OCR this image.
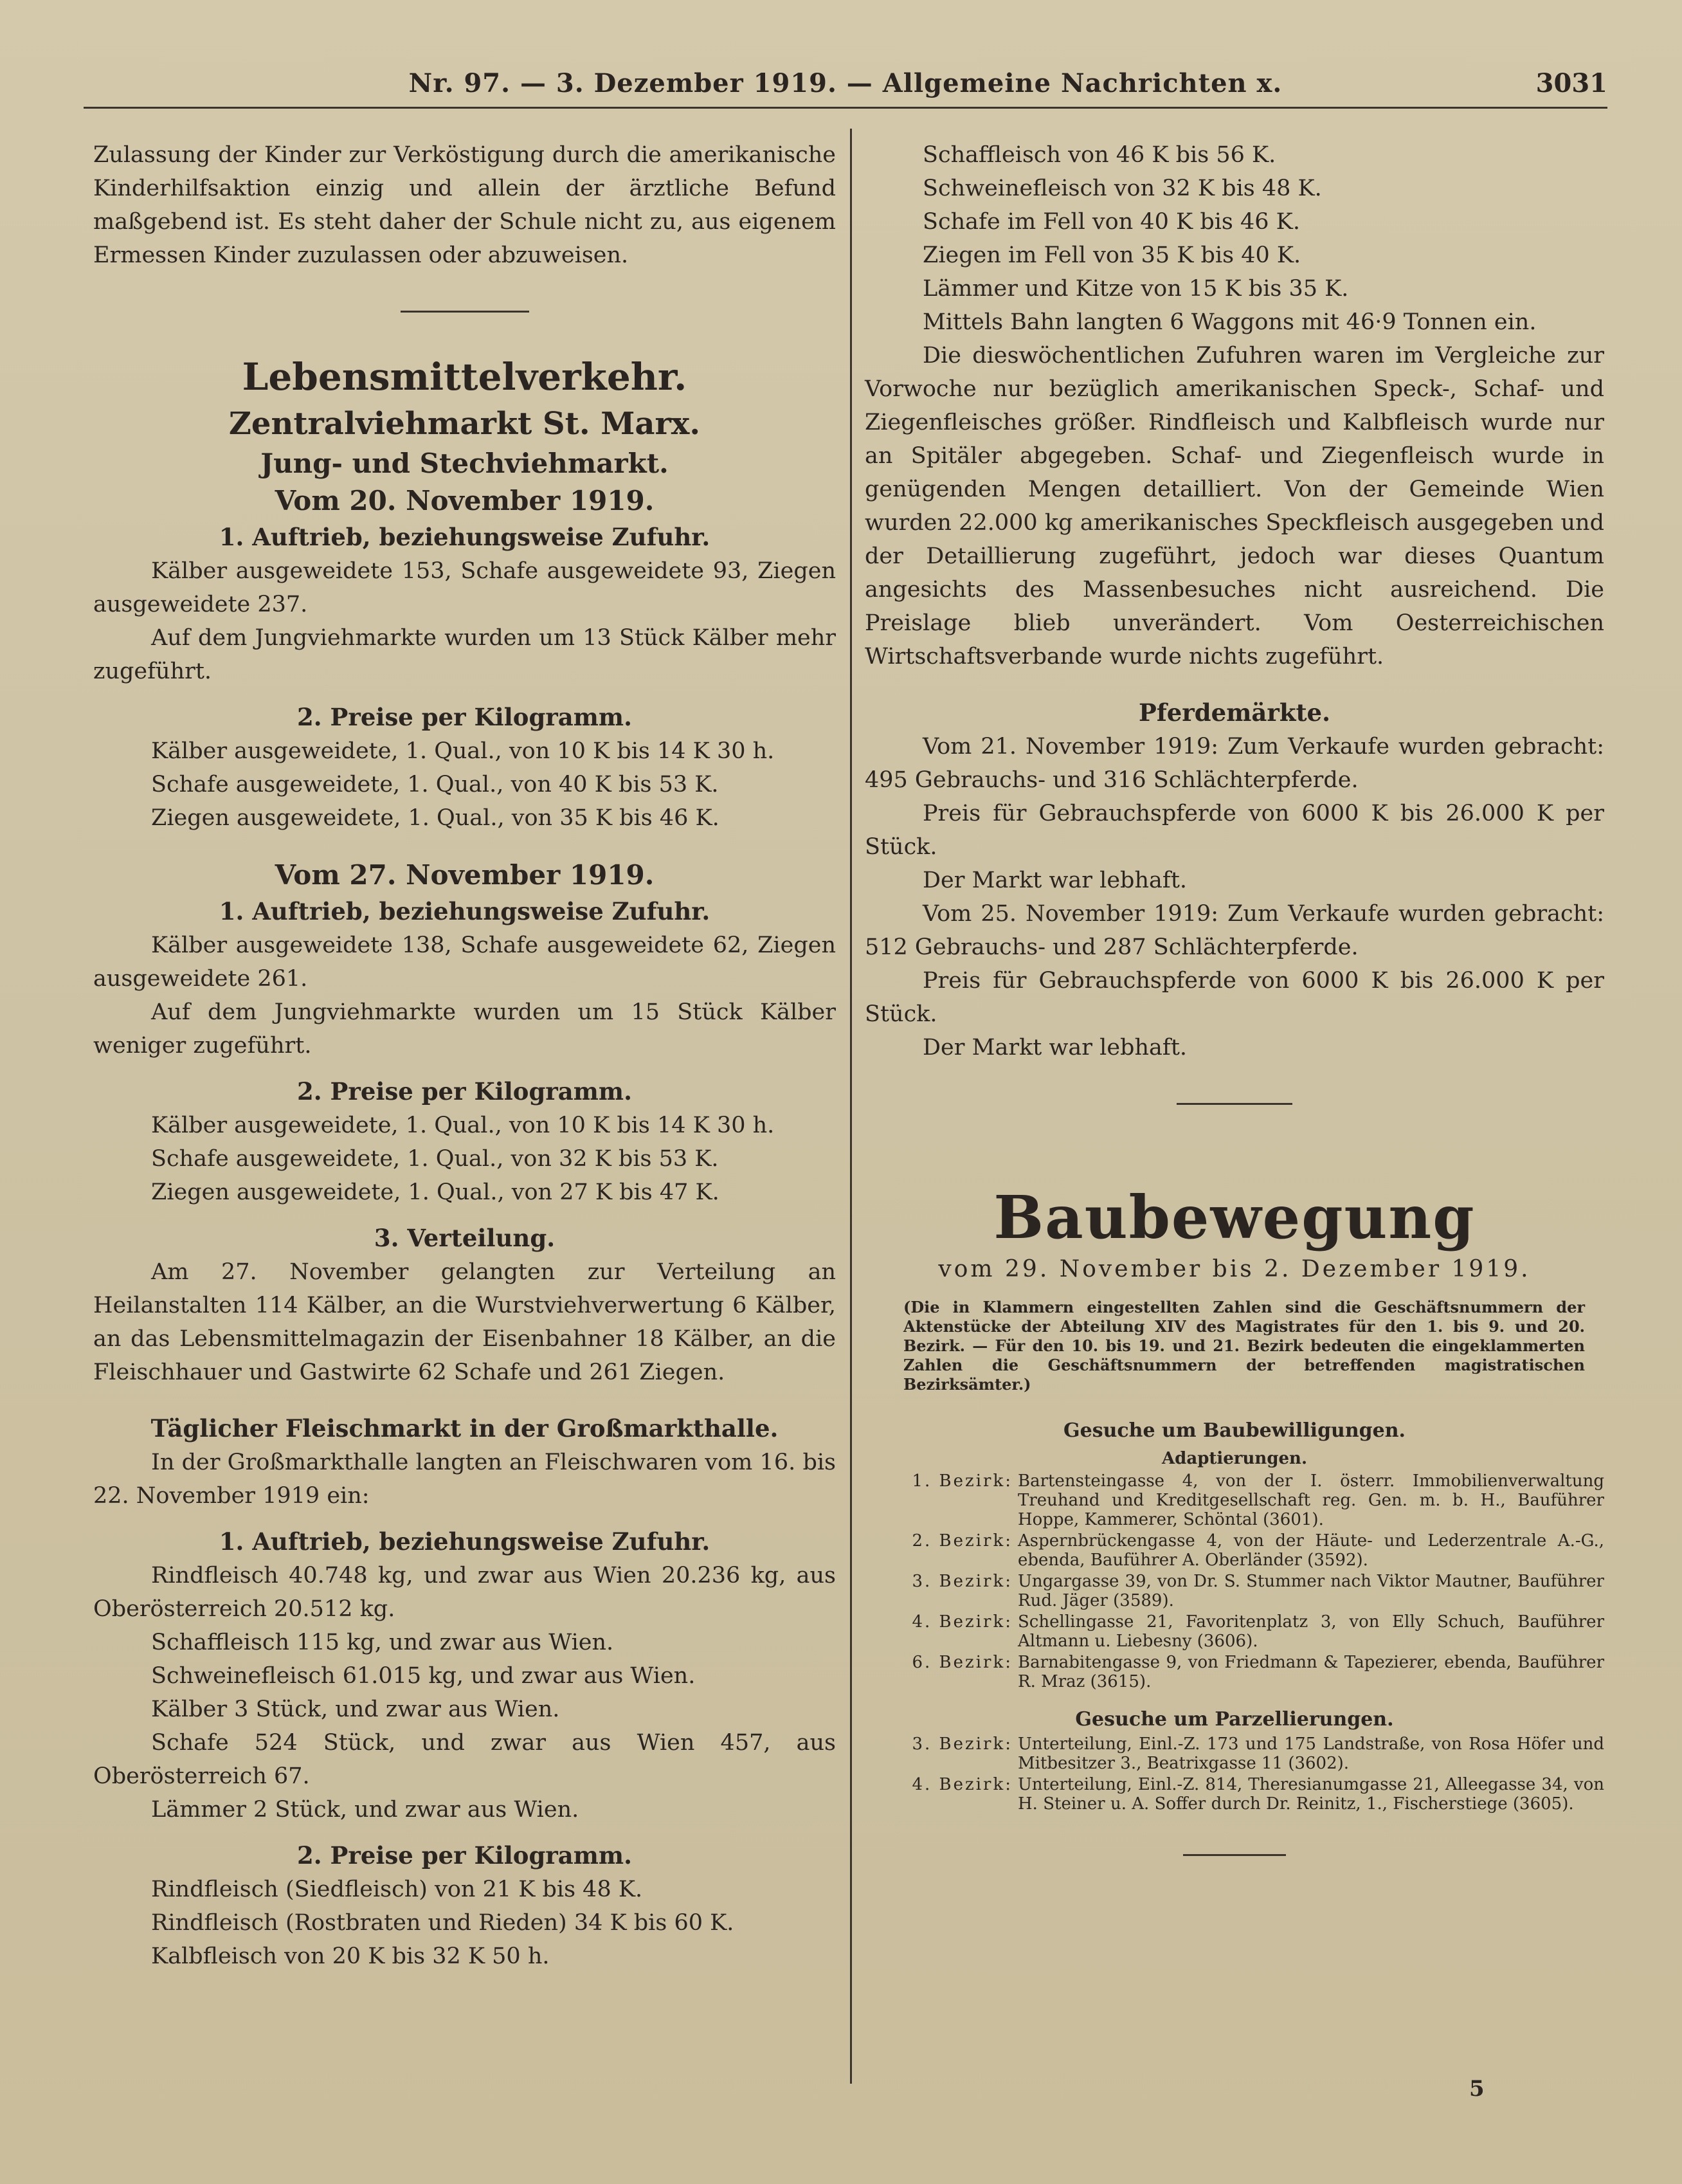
Nr. 97. — 3. Dezember 1919. — Allgemeine Nachrichten x.	3031

Zulassung der Kinder zur Verköstigung durch die amerikanische Kinderhilfsaktion einzig und allein der ärztliche Befund maßgebend ist. Es steht daher der Schule nicht zu, aus eigenem Ermessen Kinder zuzulassen oder abzuweisen.

Lebensmittelverkehr.
Zentralviehmarkt St. Marx.
Jung- und Stechviehmarkt.
Vom 20. November 1919.
1. Auftrieb, beziehungsweise Zufuhr.

Kälber ausgeweidete 153, Schafe ausgeweidete 93, Ziegen ausgeweidete 237.

Auf dem Jungviehmarkte wurden um 13 Stück Kälber mehr zugeführt.

2. Preise per Kilogramm.

Kälber ausgeweidete, 1. Qual., von 10 K bis 14 K 30 h.

Schafe ausgeweidete, 1. Qual., von 40 K bis 53 K.

Ziegen ausgeweidete, 1. Qual., von 35 K bis 46 K.

Vom 27. November 1919.
1. Auftrieb, beziehungsweise Zufuhr.

Kälber ausgeweidete 138, Schafe ausgeweidete 62, Ziegen ausgeweidete 261.

Auf dem Jungviehmarkte wurden um 15 Stück Kälber weniger zugeführt.

2. Preise per Kilogramm.

Kälber ausgeweidete, 1. Qual., von 10 K bis 14 K 30 h.

Schafe ausgeweidete, 1. Qual., von 32 K bis 53 K.

Ziegen ausgeweidete, 1. Qual., von 27 K bis 47 K.

3. Verteilung.

Am 27. November gelangten zur Verteilung an Heilanstalten 114 Kälber, an die Wurstviehverwertung 6 Kälber, an das Lebensmittelmagazin der Eisenbahner 18 Kälber, an die Fleischhauer und Gastwirte 62 Schafe und 261 Ziegen.

Täglicher Fleischmarkt in der Großmarkthalle.

In der Großmarkthalle langten an Fleischwaren vom 16. bis 22. November 1919 ein:

1. Auftrieb, beziehungsweise Zufuhr.

Rindfleisch 40.748 kg, und zwar aus Wien 20.236 kg, aus Oberösterreich 20.512 kg.

Schaffleisch 115 kg, und zwar aus Wien.

Schweinefleisch 61.015 kg, und zwar aus Wien.

Kälber 3 Stück, und zwar aus Wien.

Schafe 524 Stück, und zwar aus Wien 457, aus Oberösterreich 67.

Lämmer 2 Stück, und zwar aus Wien.

2. Preise per Kilogramm.

Rindfleisch (Siedfleisch) von 21 K bis 48 K.

Rindfleisch (Rostbraten und Rieden) 34 K bis 60 K.

Kalbfleisch von 20 K bis 32 K 50 h.

Schaffleisch von 46 K bis 56 K.

Schweinefleisch von 32 K bis 48 K.

Schafe im Fell von 40 K bis 46 K.

Ziegen im Fell von 35 K bis 40 K.

Lämmer und Kitze von 15 K bis 35 K.

Mittels Bahn langten 6 Waggons mit 46·9 Tonnen ein.

Die dieswöchentlichen Zufuhren waren im Vergleiche zur Vorwoche nur bezüglich amerikanischen Speck-, Schaf- und Ziegenfleisches größer. Rindfleisch und Kalbfleisch wurde nur an Spitäler abgegeben. Schaf- und Ziegenfleisch wurde in genügenden Mengen detailliert. Von der Gemeinde Wien wurden 22.000 kg amerikanisches Speckfleisch ausgegeben und der Detaillierung zugeführt, jedoch war dieses Quantum angesichts des Massenbesuches nicht ausreichend. Die Preislage blieb unverändert. Vom Oesterreichischen Wirtschaftsverbande wurde nichts zugeführt.

Pferdemärkte.

Vom 21. November 1919: Zum Verkaufe wurden gebracht: 495 Gebrauchs- und 316 Schlächterpferde.

Preis für Gebrauchspferde von 6000 K bis 26.000 K per Stück.

Der Markt war lebhaft.

Vom 25. November 1919: Zum Verkaufe wurden gebracht: 512 Gebrauchs- und 287 Schlächterpferde.

Preis für Gebrauchspferde von 6000 K bis 26.000 K per Stück.

Der Markt war lebhaft.

Baubewegung
vom 29. November bis 2. Dezember 1919.
(Die in Klammern eingestellten Zahlen sind die Geschäftsnummern der Aktenstücke der Abteilung XIV des Magistrates für den 1. bis 9. und 20. Bezirk. — Für den 10. bis 19. und 21. Bezirk bedeuten die eingeklammerten Zahlen die Geschäftsnummern der betreffenden magistratischen Bezirksämter.)
Gesuche um Baubewilligungen.
Adaptierungen.
1. Bezirk: Bartensteingasse 4, von der I. österr. Immobilienverwaltung Treuhand und Kreditgesellschaft reg. Gen. m. b. H., Bauführer Hoppe, Kammerer, Schöntal (3601).
2. Bezirk: Aspernbrückengasse 4, von der Häute- und Lederzentrale A.-G., ebenda, Bauführer A. Oberländer (3592).
3. Bezirk: Ungargasse 39, von Dr. S. Stummer nach Viktor Mautner, Bauführer Rud. Jäger (3589).
4. Bezirk: Schellingasse 21, Favoritenplatz 3, von Elly Schuch, Bauführer Altmann u. Liebesny (3606).
6. Bezirk: Barnabitengasse 9, von Friedmann & Tapezierer, ebenda, Bauführer R. Mraz (3615).
Gesuche um Parzellierungen.
3. Bezirk: Unterteilung, Einl.-Z. 173 und 175 Landstraße, von Rosa Höfer und Mitbesitzer 3., Beatrixgasse 11 (3602).
4. Bezirk: Unterteilung, Einl.-Z. 814, Theresianumgasse 21, Alleegasse 34, von H. Steiner u. A. Soffer durch Dr. Reinitz, 1., Fischerstiege (3605).
5
